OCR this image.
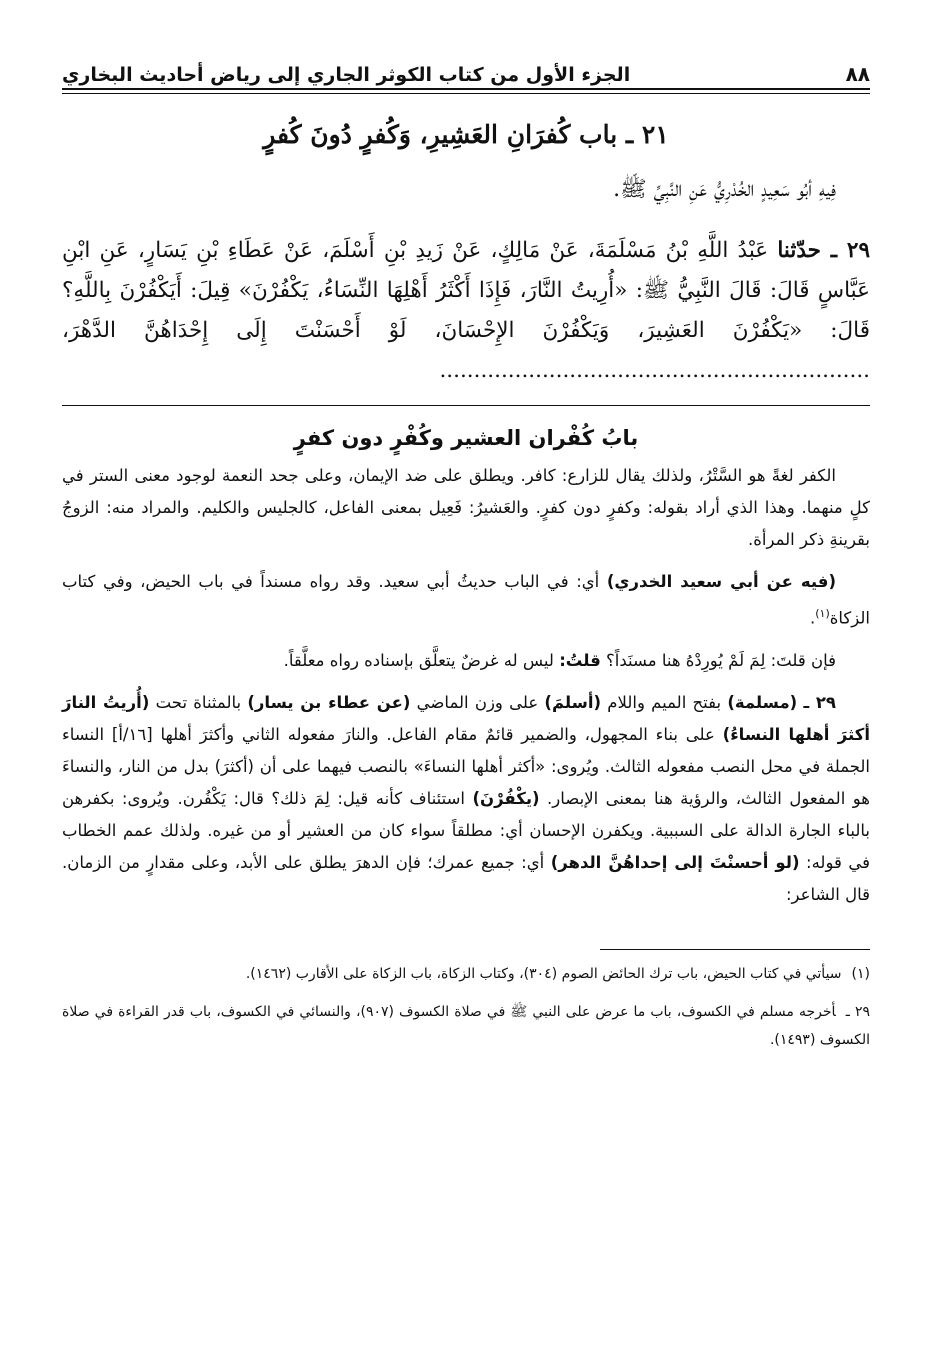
٨٨
الجزء الأول من كتاب الكوثر الجاري إلى رياض أحاديث البخاري
٢١ ـ باب كُفرَانِ العَشِيرِ، وَكُفرٍ دُونَ كُفرٍ
فِيهِ أبُو سَعِيدٍ الخُدْرِيُّ عَنِ النَّبِيِّ ﷺ.
٢٩ ـ حدّثنا عَبْدُ اللَّهِ بْنُ مَسْلَمَةَ، عَنْ مَالِكٍ، عَنْ زَيدِ بْنِ أَسْلَمَ، عَنْ عَطَاءِ بْنِ يَسَارٍ، عَنِ ابْنِ عَبَّاسٍ قَالَ: قَالَ النَّبِيُّ ﷺ: «أُرِيتُ النَّارَ، فَإِذَا أَكْثَرُ أَهْلِهَا النِّسَاءُ، يَكْفُرْنَ» قِيلَ: أَيَكْفُرْنَ بِاللَّهِ؟ قَالَ: «يَكْفُرْنَ العَشِيرَ، وَيَكْفُرْنَ الإِحْسَانَ، لَوْ أَحْسَنْتَ إِلَى إِحْدَاهُنَّ الدَّهْرَ، ...............................................................
بابُ كُفْران العشير وكُفْرٍ دون كفرٍ
الكفر لغةً هو السَّتْرُ، ولذلك يقال للزارع: كافر. ويطلق على ضد الإيمان، وعلى جحد النعمة لوجود معنى الستر في كلٍ منهما. وهذا الذي أراد بقوله: وكفرٍ دون كفرٍ. والعَشيرُ: فَعِيل بمعنى الفاعل، كالجليس والكليم. والمراد منه: الزوجُ بقرينةِ ذكر المرأة.
(فيه عن أبي سعيد الخدري) أي: في الباب حديثُ أبي سعيد. وقد رواه مسنداً في باب الحيض، وفي كتاب الزكاة$^{(١)}$.
فإن قلتَ: لِمَ لَمْ يُورِدْهُ هنا مسنَداً؟ قلتُ: ليس له غرضٌ يتعلَّق بإسناده رواه معلَّقاً.
٢٩ ـ (مسلمة) بفتح الميم واللام (أسلمَ) على وزن الماضي (عن عطاء بن يسار) بالمثناة تحت (أُريتُ النارَ أكثرَ أهلها النساءُ) على بناء المجهول، والضمير قائمٌ مقام الفاعل. والنارَ مفعوله الثاني وأكثرَ أهلها [١٦/أ] النساء الجملة في محل النصب مفعوله الثالث. ويُروى: «أكثر أهلها النساءَ» بالنصب فيهما على أن (أكثرَ) بدل من النار، والنساءَ هو المفعول الثالث، والرؤية هنا بمعنى الإبصار. (يكْفُرْنَ) استئناف كأنه قيل: لِمَ ذلك؟ قال: يَكْفُرن. ويُروى: بكفرهن بالباء الجارة الدالة على السببية. ويكفرن الإحسان أي: مطلقاً سواء كان من العشير أو من غيره. ولذلك عمم الخطاب في قوله: (لو أحسنْتَ إلى إحداهُنَّ الدهر) أي: جميع عمرك؛ فإن الدهرَ يطلق على الأبد، وعلى مقدارٍ من الزمان. قال الشاعر:
(١)سيأتي في كتاب الحيض، باب ترك الحائض الصوم (٣٠٤)، وكتاب الزكاة، باب الزكاة على الأقارب (١٤٦٢).
٢٩ ـأخرجه مسلم في الكسوف، باب ما عرض على النبي ﷺ في صلاة الكسوف (٩٠٧)، والنسائي في الكسوف، باب قدر القراءة في صلاة الكسوف (١٤٩٣).
